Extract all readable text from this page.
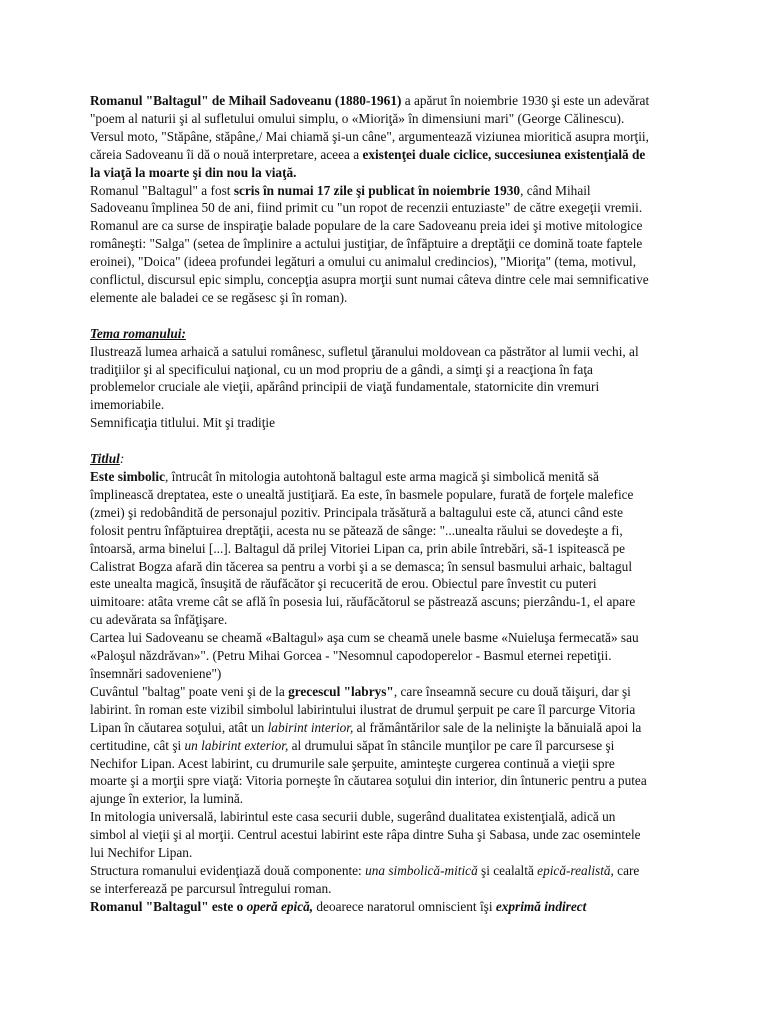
Romanul "Baltagul" de Mihail Sadoveanu (1880-1961) a apărut în noiembrie 1930 şi este un adevărat "poem al naturii şi al sufletului omului simplu, o «Mioriţă» în dimensiuni mari" (George Călinescu). Versul moto, "Stăpâne, stăpâne,/ Mai chiamă şi-un câne", argumentează viziunea mioritică asupra morţii, căreia Sadoveanu îi dă o nouă interpretare, aceea a existenţei duale ciclice, succesiunea existenţială de la viaţă la moarte şi din nou la viaţă.

Romanul "Baltagul" a fost scris în numai 17 zile şi publicat în noiembrie 1930, când Mihail Sadoveanu împlinea 50 de ani, fiind primit cu "un ropot de recenzii entuziaste" de către exegeţii vremii. Romanul are ca surse de inspiraţie balade populare de la care Sadoveanu preia idei şi motive mitologice româneşti: "Salga" (setea de împlinire a actului justiţiar, de înfăptuire a dreptăţii ce domină toate faptele eroinei), "Doica" (ideea profundei legături a omului cu animalul credincios), "Mioriţa" (tema, motivul, conflictul, discursul epic simplu, concepţia asupra morţii sunt numai câteva dintre cele mai semnificative elemente ale baladei ce se regăsesc şi în roman).

Tema romanului:

Ilustrează lumea arhaică a satului românesc, sufletul ţăranului moldovean ca păstrător al lumii vechi, al tradiţiilor şi al specificului naţional, cu un mod propriu de a gândi, a simţi şi a reacţiona în faţa problemelor cruciale ale vieţii, apărând principii de viaţă fundamentale, statornicite din vremuri imemoriabile.

Semnificaţia titlului. Mit şi tradiţie

Titlul:

Este simbolic, întrucât în mitologia autohtonă baltagul este arma magică şi simbolică menită să împlinească dreptatea, este o unealtă justiţiară. Ea este, în basmele populare, furată de forţele malefice (zmei) şi redobândită de personajul pozitiv. Principala trăsătură a baltagului este că, atunci când este folosit pentru înfăptuirea dreptăţii, acesta nu se pătează de sânge: "...unealta răului se dovedeşte a fi, întoarsă, arma binelui [...]. Baltagul dă prilej Vitoriei Lipan ca, prin abile întrebări, să-1 ispitească pe Calistrat Bogza afară din tăcerea sa pentru a vorbi şi a se demasca; în sensul basmului arhaic, baltagul este unealta magică, însuşită de răufăcător şi recucerită de erou. Obiectul pare învestit cu puteri uimitoare: atâta vreme cât se află în posesia lui, răufăcătorul se păstrează ascuns; pierzându-1, el apare cu adevărata sa înfăţişare.

Cartea lui Sadoveanu se cheamă «Baltagul» aşa cum se cheamă unele basme «Nuieluşa fermecată» sau «Paloşul năzdrăvan»". (Petru Mihai Gorcea - "Nesomnul capodoperelor - Basmul eternei repetiţii. însemnări sadoveniene")

Cuvântul "baltag" poate veni şi de la grecescul "labrys", care înseamnă secure cu două tăişuri, dar şi labirint. în roman este vizibil simbolul labirintului ilustrat de drumul şerpuit pe care îl parcurge Vitoria Lipan în căutarea soţului, atât un labirint interior, al frământărilor sale de la nelinişte la bănuială apoi la certitudine, cât şi un labirint exterior, al drumului săpat în stâncile munţilor pe care îl parcursese şi Nechifor Lipan. Acest labirint, cu drumurile sale şerpuite, aminteşte curgerea continuă a vieţii spre moarte şi a morţii spre viaţă: Vitoria porneşte în căutarea soţului din interior, din întuneric pentru a putea ajunge în exterior, la lumină.

In mitologia universală, labirintul este casa securii duble, sugerând dualitatea existenţială, adică un simbol al vieţii şi al morţii. Centrul acestui labirint este râpa dintre Suha şi Sabasa, unde zac osemintele lui Nechifor Lipan.

Structura romanului evidenţiază două componente: una simbolică-mitică şi cealaltă epică-realistă, care se interferează pe parcursul întregului roman.

Romanul "Baltagul" este o operă epică, deoarece naratorul omniscient îşi exprimă indirect
